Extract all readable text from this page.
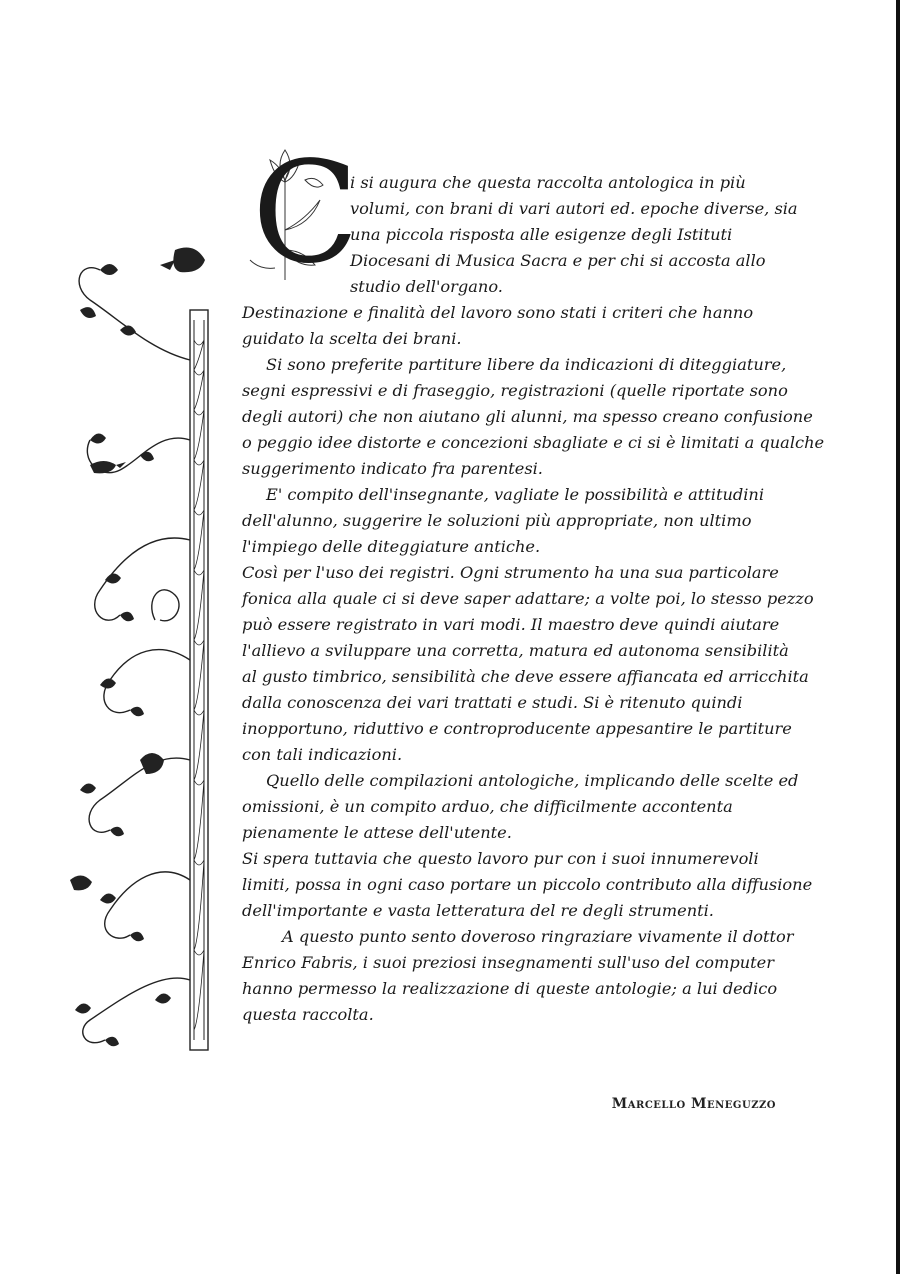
C
i si augura che questa raccolta antologica in più
volumi, con brani di vari autori ed. epoche diverse, sia
una piccola risposta alle esigenze degli Istituti
Diocesani di Musica Sacra e per chi si accosta allo
studio dell'organo.
Destinazione e finalità del lavoro sono stati i criteri che hanno
guidato la scelta dei brani.
Si sono preferite partiture libere da indicazioni di diteggiature,
segni espressivi e di fraseggio, registrazioni (quelle riportate sono
degli autori) che non aiutano gli alunni, ma spesso creano confusione
o peggio idee distorte e concezioni sbagliate e ci si è limitati a qualche
suggerimento indicato fra parentesi.
E' compito dell'insegnante, vagliate le possibilità e attitudini
dell'alunno, suggerire le soluzioni più appropriate, non ultimo
l'impiego delle diteggiature antiche.
Così per l'uso dei registri. Ogni strumento ha una sua particolare
fonica alla quale ci si deve saper adattare; a volte poi, lo stesso pezzo
può essere registrato in vari modi. Il maestro deve quindi aiutare
l'allievo a sviluppare una corretta, matura ed autonoma sensibilità
al gusto timbrico, sensibilità che deve essere affiancata ed arricchita
dalla conoscenza dei vari trattati e studi. Si è ritenuto quindi
inopportuno, riduttivo e controproducente appesantire le partiture
con tali indicazioni.
Quello delle compilazioni antologiche, implicando delle scelte ed
omissioni, è un compito arduo, che difficilmente accontenta
pienamente le attese dell'utente.
Si spera tuttavia che questo lavoro pur con i suoi innumerevoli
limiti, possa in ogni caso portare un piccolo contributo alla diffusione
dell'importante e vasta letteratura del re degli strumenti.
A questo punto sento doveroso ringraziare vivamente il dottor
Enrico Fabris, i suoi preziosi insegnamenti sull'uso del computer
hanno permesso la realizzazione di queste antologie; a lui dedico
questa raccolta.
Marcello Meneguzzo
